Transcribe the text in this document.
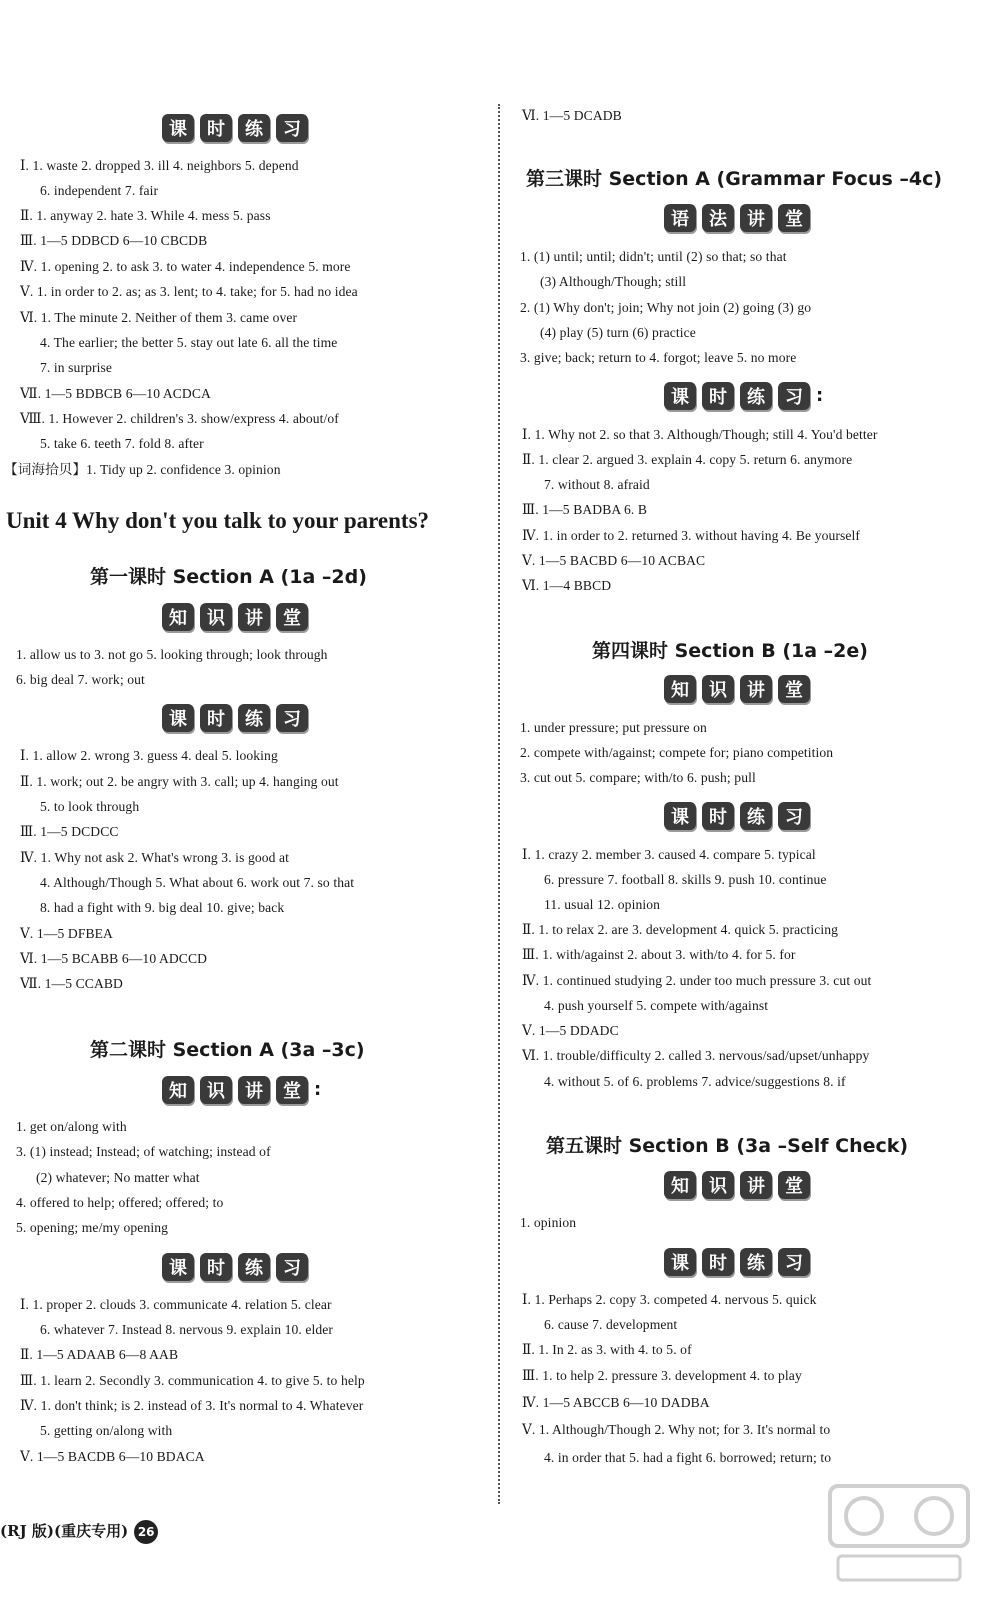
课	时	练	习
Ⅰ. 1. waste 2. dropped 3. ill 4. neighbors 5. depend
6. independent 7. fair
Ⅱ. 1. anyway 2. hate 3. While 4. mess 5. pass
Ⅲ. 1—5 DDBCD 6—10 CBCDB
Ⅳ. 1. opening 2. to ask 3. to water 4. independence 5. more
Ⅴ. 1. in order to 2. as; as 3. lent; to 4. take; for 5. had no idea
Ⅵ. 1. The minute 2. Neither of them 3. came over
4. The earlier; the better 5. stay out late 6. all the time
7. in surprise
Ⅶ. 1—5 BDBCB 6—10 ACDCA
Ⅷ. 1. However 2. children's 3. show/express 4. about/of
5. take 6. teeth 7. fold 8. after
【词海拾贝】1. Tidy up 2. confidence 3. opinion
Unit 4 Why don't you talk to your parents?
第一课时 Section A (1a –2d)
知	识	讲	堂
1. allow us to 3. not go 5. looking through; look through
6. big deal 7. work; out
课	时	练	习
Ⅰ. 1. allow 2. wrong 3. guess 4. deal 5. looking
Ⅱ. 1. work; out 2. be angry with 3. call; up 4. hanging out
5. to look through
Ⅲ. 1—5 DCDCC
Ⅳ. 1. Why not ask 2. What's wrong 3. is good at
4. Although/Though 5. What about 6. work out 7. so that
8. had a fight with 9. big deal 10. give; back
Ⅴ. 1—5 DFBEA
Ⅵ. 1—5 BCABB 6—10 ADCCD
Ⅶ. 1—5 CCABD
第二课时 Section A (3a –3c)
知	识	讲	堂 :
1. get on/along with
3. (1) instead; Instead; of watching; instead of
(2) whatever; No matter what
4. offered to help; offered; offered; to
5. opening; me/my opening
课	时	练	习
Ⅰ. 1. proper 2. clouds 3. communicate 4. relation 5. clear
6. whatever 7. Instead 8. nervous 9. explain 10. elder
Ⅱ. 1—5 ADAAB 6—8 AAB
Ⅲ. 1. learn 2. Secondly 3. communication 4. to give 5. to help
Ⅳ. 1. don't think; is 2. instead of 3. It's normal to 4. Whatever
5. getting on/along with
Ⅴ. 1—5 BACDB 6—10 BDACA
(RJ 版)(重庆专用) 26
Ⅵ. 1—5 DCADB
第三课时 Section A (Grammar Focus –4c)
语	法	讲	堂
1. (1) until; until; didn't; until (2) so that; so that
(3) Although/Though; still
2. (1) Why don't; join; Why not join (2) going (3) go
(4) play (5) turn (6) practice
3. give; back; return to 4. forgot; leave 5. no more
课	时	练	习 :
Ⅰ. 1. Why not 2. so that 3. Although/Though; still 4. You'd better
Ⅱ. 1. clear 2. argued 3. explain 4. copy 5. return 6. anymore
7. without 8. afraid
Ⅲ. 1—5 BADBA 6. B
Ⅳ. 1. in order to 2. returned 3. without having 4. Be yourself
Ⅴ. 1—5 BACBD 6—10 ACBAC
Ⅵ. 1—4 BBCD
第四课时 Section B (1a –2e)
知	识	讲	堂
1. under pressure; put pressure on
2. compete with/against; compete for; piano competition
3. cut out 5. compare; with/to 6. push; pull
课	时	练	习
Ⅰ. 1. crazy 2. member 3. caused 4. compare 5. typical
6. pressure 7. football 8. skills 9. push 10. continue
11. usual 12. opinion
Ⅱ. 1. to relax 2. are 3. development 4. quick 5. practicing
Ⅲ. 1. with/against 2. about 3. with/to 4. for 5. for
Ⅳ. 1. continued studying 2. under too much pressure 3. cut out
4. push yourself 5. compete with/against
Ⅴ. 1—5 DDADC
Ⅵ. 1. trouble/difficulty 2. called 3. nervous/sad/upset/unhappy
4. without 5. of 6. problems 7. advice/suggestions 8. if
第五课时 Section B (3a –Self Check)
知	识	讲	堂
1. opinion
课	时	练	习
Ⅰ. 1. Perhaps 2. copy 3. competed 4. nervous 5. quick
6. cause 7. development
Ⅱ. 1. In 2. as 3. with 4. to 5. of
Ⅲ. 1. to help 2. pressure 3. development 4. to play
Ⅳ. 1—5 ABCCB 6—10 DADBA
Ⅴ. 1. Although/Though 2. Why not; for 3. It's normal to
4. in order that 5. had a fight 6. borrowed; return; to
